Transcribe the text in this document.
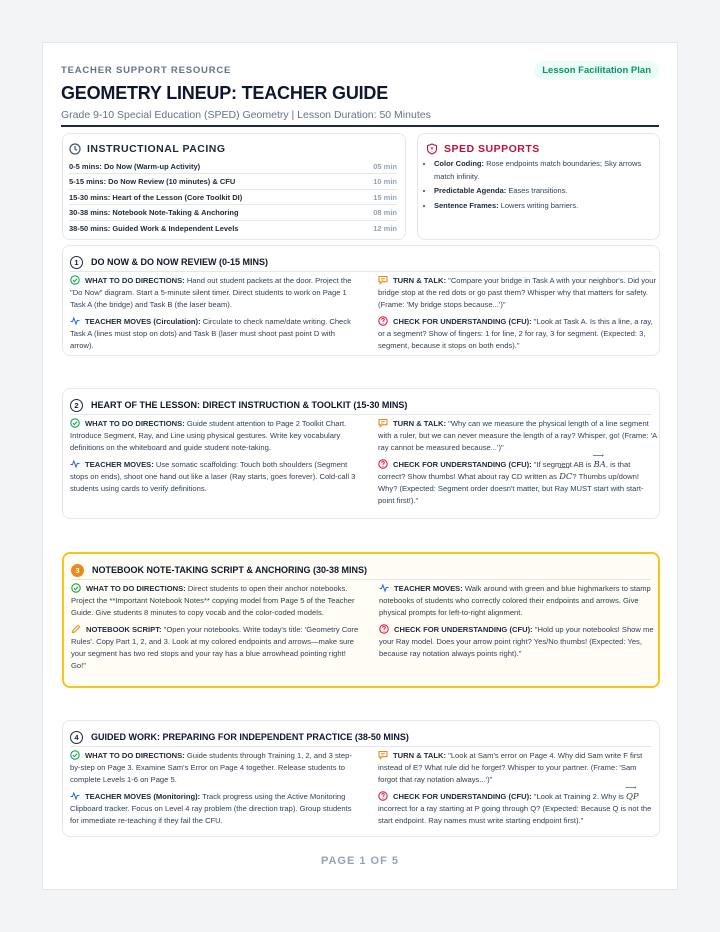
TEACHER SUPPORT RESOURCE	Lesson Facilitation Plan
GEOMETRY LINEUP: TEACHER GUIDE
Grade 9-10 Special Education (SPED) Geometry | Lesson Duration: 50 Minutes
INSTRUCTIONAL PACING
0-5 mins: Do Now (Warm-up Activity)	05 min
5-15 mins: Do Now Review (10 minutes) & CFU	10 min
15-30 mins: Heart of the Lesson (Core Toolkit DI)	15 min
30-38 mins: Notebook Note-Taking & Anchoring	08 min
38-50 mins: Guided Work & Independent Levels	12 min
SPED SUPPORTS
• Color Coding: Rose endpoints match boundaries; Sky arrows match infinity.
• Predictable Agenda: Eases transitions.
• Sentence Frames: Lowers writing barriers.
1	DO NOW & DO NOW REVIEW (0-15 MINS)
WHAT TO DO DIRECTIONS: Hand out student packets at the door. Project the "Do Now" diagram. Start a 5-minute silent timer. Direct students to work on Page 1 Task A (the bridge) and Task B (the laser beam).
TEACHER MOVES (Circulation): Circulate to check name/date writing. Check Task A (lines must stop on dots) and Task B (laser must shoot past point D with arrow).
TURN & TALK: "Compare your bridge in Task A with your neighbor's. Did your bridge stop at the red dots or go past them? Whisper why that matters for safety. (Frame: 'My bridge stops because...')"
CHECK FOR UNDERSTANDING (CFU): "Look at Task A. Is this a line, a ray, or a segment? Show of fingers: 1 for line, 2 for ray, 3 for segment. (Expected: 3, segment, because it stops on both ends)."
2	HEART OF THE LESSON: DIRECT INSTRUCTION & TOOLKIT (15-30 MINS)
WHAT TO DO DIRECTIONS: Guide student attention to Page 2 Toolkit Chart. Introduce Segment, Ray, and Line using physical gestures. Write key vocabulary definitions on the whiteboard and guide student note-taking.
TEACHER MOVES: Use somatic scaffolding: Touch both shoulders (Segment stops on ends), shoot one hand out like a laser (Ray starts, goes forever). Cold-call 3 students using cards to verify definitions.
TURN & TALK: "Why can we measure the physical length of a line segment with a ruler, but we can never measure the length of a ray? Whisper, go! (Frame: 'A ray cannot be measured because...')"
CHECK FOR UNDERSTANDING (CFU): "If segment AB is ⟶ BA, is that correct? Show thumbs! What about ray CD written as ⟶ DC? Thumbs up/down! Why? (Expected: Segment order doesn't matter, but Ray MUST start with start-point first!)."
3	NOTEBOOK NOTE-TAKING SCRIPT & ANCHORING (30-38 MINS)
WHAT TO DO DIRECTIONS: Direct students to open their anchor notebooks. Project the **Important Notebook Notes** copying model from Page 5 of the Teacher Guide. Give students 8 minutes to copy vocab and the color-coded models.
NOTEBOOK SCRIPT: "Open your notebooks. Write today's title: 'Geometry Core Rules'. Copy Part 1, 2, and 3. Look at my colored endpoints and arrows—make sure your segment has two red stops and your ray has a blue arrowhead pointing right! Go!"
TEACHER MOVES: Walk around with green and blue highmarkers to stamp notebooks of students who correctly colored their endpoints and arrows. Give physical prompts for left-to-right alignment.
CHECK FOR UNDERSTANDING (CFU): "Hold up your notebooks! Show me your Ray model. Does your arrow point right? Yes/No thumbs! (Expected: Yes, because ray notation always points right)."
4	GUIDED WORK: PREPARING FOR INDEPENDENT PRACTICE (38-50 MINS)
WHAT TO DO DIRECTIONS: Guide students through Training 1, 2, and 3 step-by-step on Page 3. Examine Sam's Error on Page 4 together. Release students to complete Levels 1-6 on Page 5.
TEACHER MOVES (Monitoring): Track progress using the Active Monitoring Clipboard tracker. Focus on Level 4 ray problem (the direction trap). Group students for immediate re-teaching if they fail the CFU.
TURN & TALK: "Look at Sam's error on Page 4. Why did Sam write F first instead of E? What rule did he forget? Whisper to your partner. (Frame: 'Sam forgot that ray notation always...')"
CHECK FOR UNDERSTANDING (CFU): "Look at Training 2. Why is ⟶ QP incorrect for a ray starting at P going through Q? (Expected: Because Q is not the start endpoint. Ray names must write starting endpoint first)."
PAGE 1 OF 5
